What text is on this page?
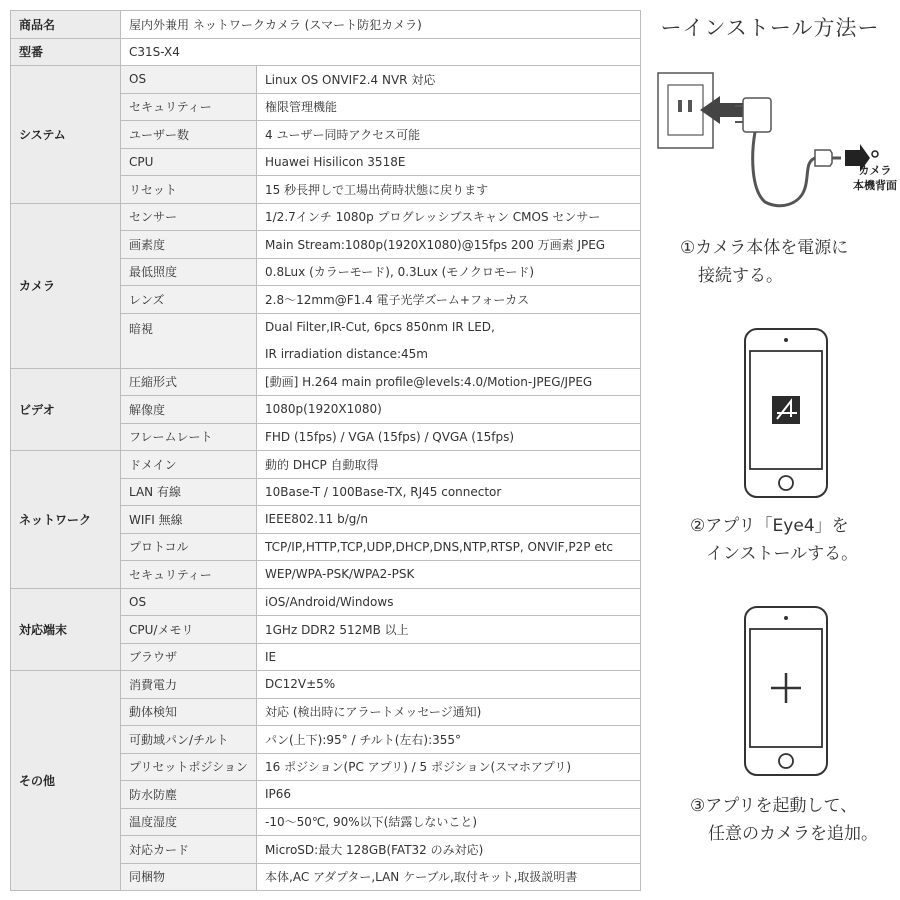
商品名	屋内外兼用 ネットワークカメラ (スマート防犯カメラ)	
型番	C31S-X4	
システム	OS	Linux OS ONVIF2.4 NVR 対応
	セキュリティー	権限管理機能
	ユーザー数	4 ユーザー同時アクセス可能
	CPU	Huawei Hisilicon 3518E
	リセット	15 秒長押しで工場出荷時状態に戻ります
カメラ	センサー	1/2.7インチ 1080p プログレッシブスキャン CMOS センサー
	画素度	Main Stream:1080p(1920X1080)@15fps 200 万画素 JPEG
	最低照度	0.8Lux (カラーモード), 0.3Lux (モノクロモード)
	レンズ	2.8〜12mm@F1.4 電子光学ズーム+フォーカス
	暗視	Dual Filter,IR-Cut, 6pcs 850nm IR LED,
IR irradiation distance:45m

ビデオ	圧縮形式	[動画] H.264 main profile@levels:4.0/Motion-JPEG/JPEG
	解像度	1080p(1920X1080)
	フレームレート	FHD (15fps) / VGA (15fps) / QVGA (15fps)
ネットワーク	ドメイン	動的 DHCP 自動取得
	LAN 有線	10Base-T / 100Base-TX, RJ45 connector
	WIFI 無線	IEEE802.11 b/g/n
	プロトコル	TCP/IP,HTTP,TCP,UDP,DHCP,DNS,NTP,RTSP, ONVIF,P2P etc
	セキュリティー	WEP/WPA-PSK/WPA2-PSK
対応端末	OS	iOS/Android/Windows
	CPU/メモリ	1GHz DDR2 512MB 以上
	ブラウザ	IE
その他	消費電力	DC12V±5%
	動体検知	対応 (検出時にアラートメッセージ通知)
	可動域パン/チルト	パン(上下):95° / チルト(左右):355°
	プリセットポジション	16 ポジション(PC アプリ) / 5 ポジション(スマホアプリ)
	防水防塵	IP66
	温度湿度	-10〜50℃, 90%以下(結露しないこと)
	対応カード	MicroSD:最大 128GB(FAT32 のみ対応)
	同梱物	本体,AC アダプター,LAN ケーブル,取付キット,取扱説明書
ーインストール方法ー
カメラ
本機背面
①カメラ本体を電源に
接続する。
②アプリ「Eye4」を
インストールする。
③アプリを起動して、
任意のカメラを追加。
